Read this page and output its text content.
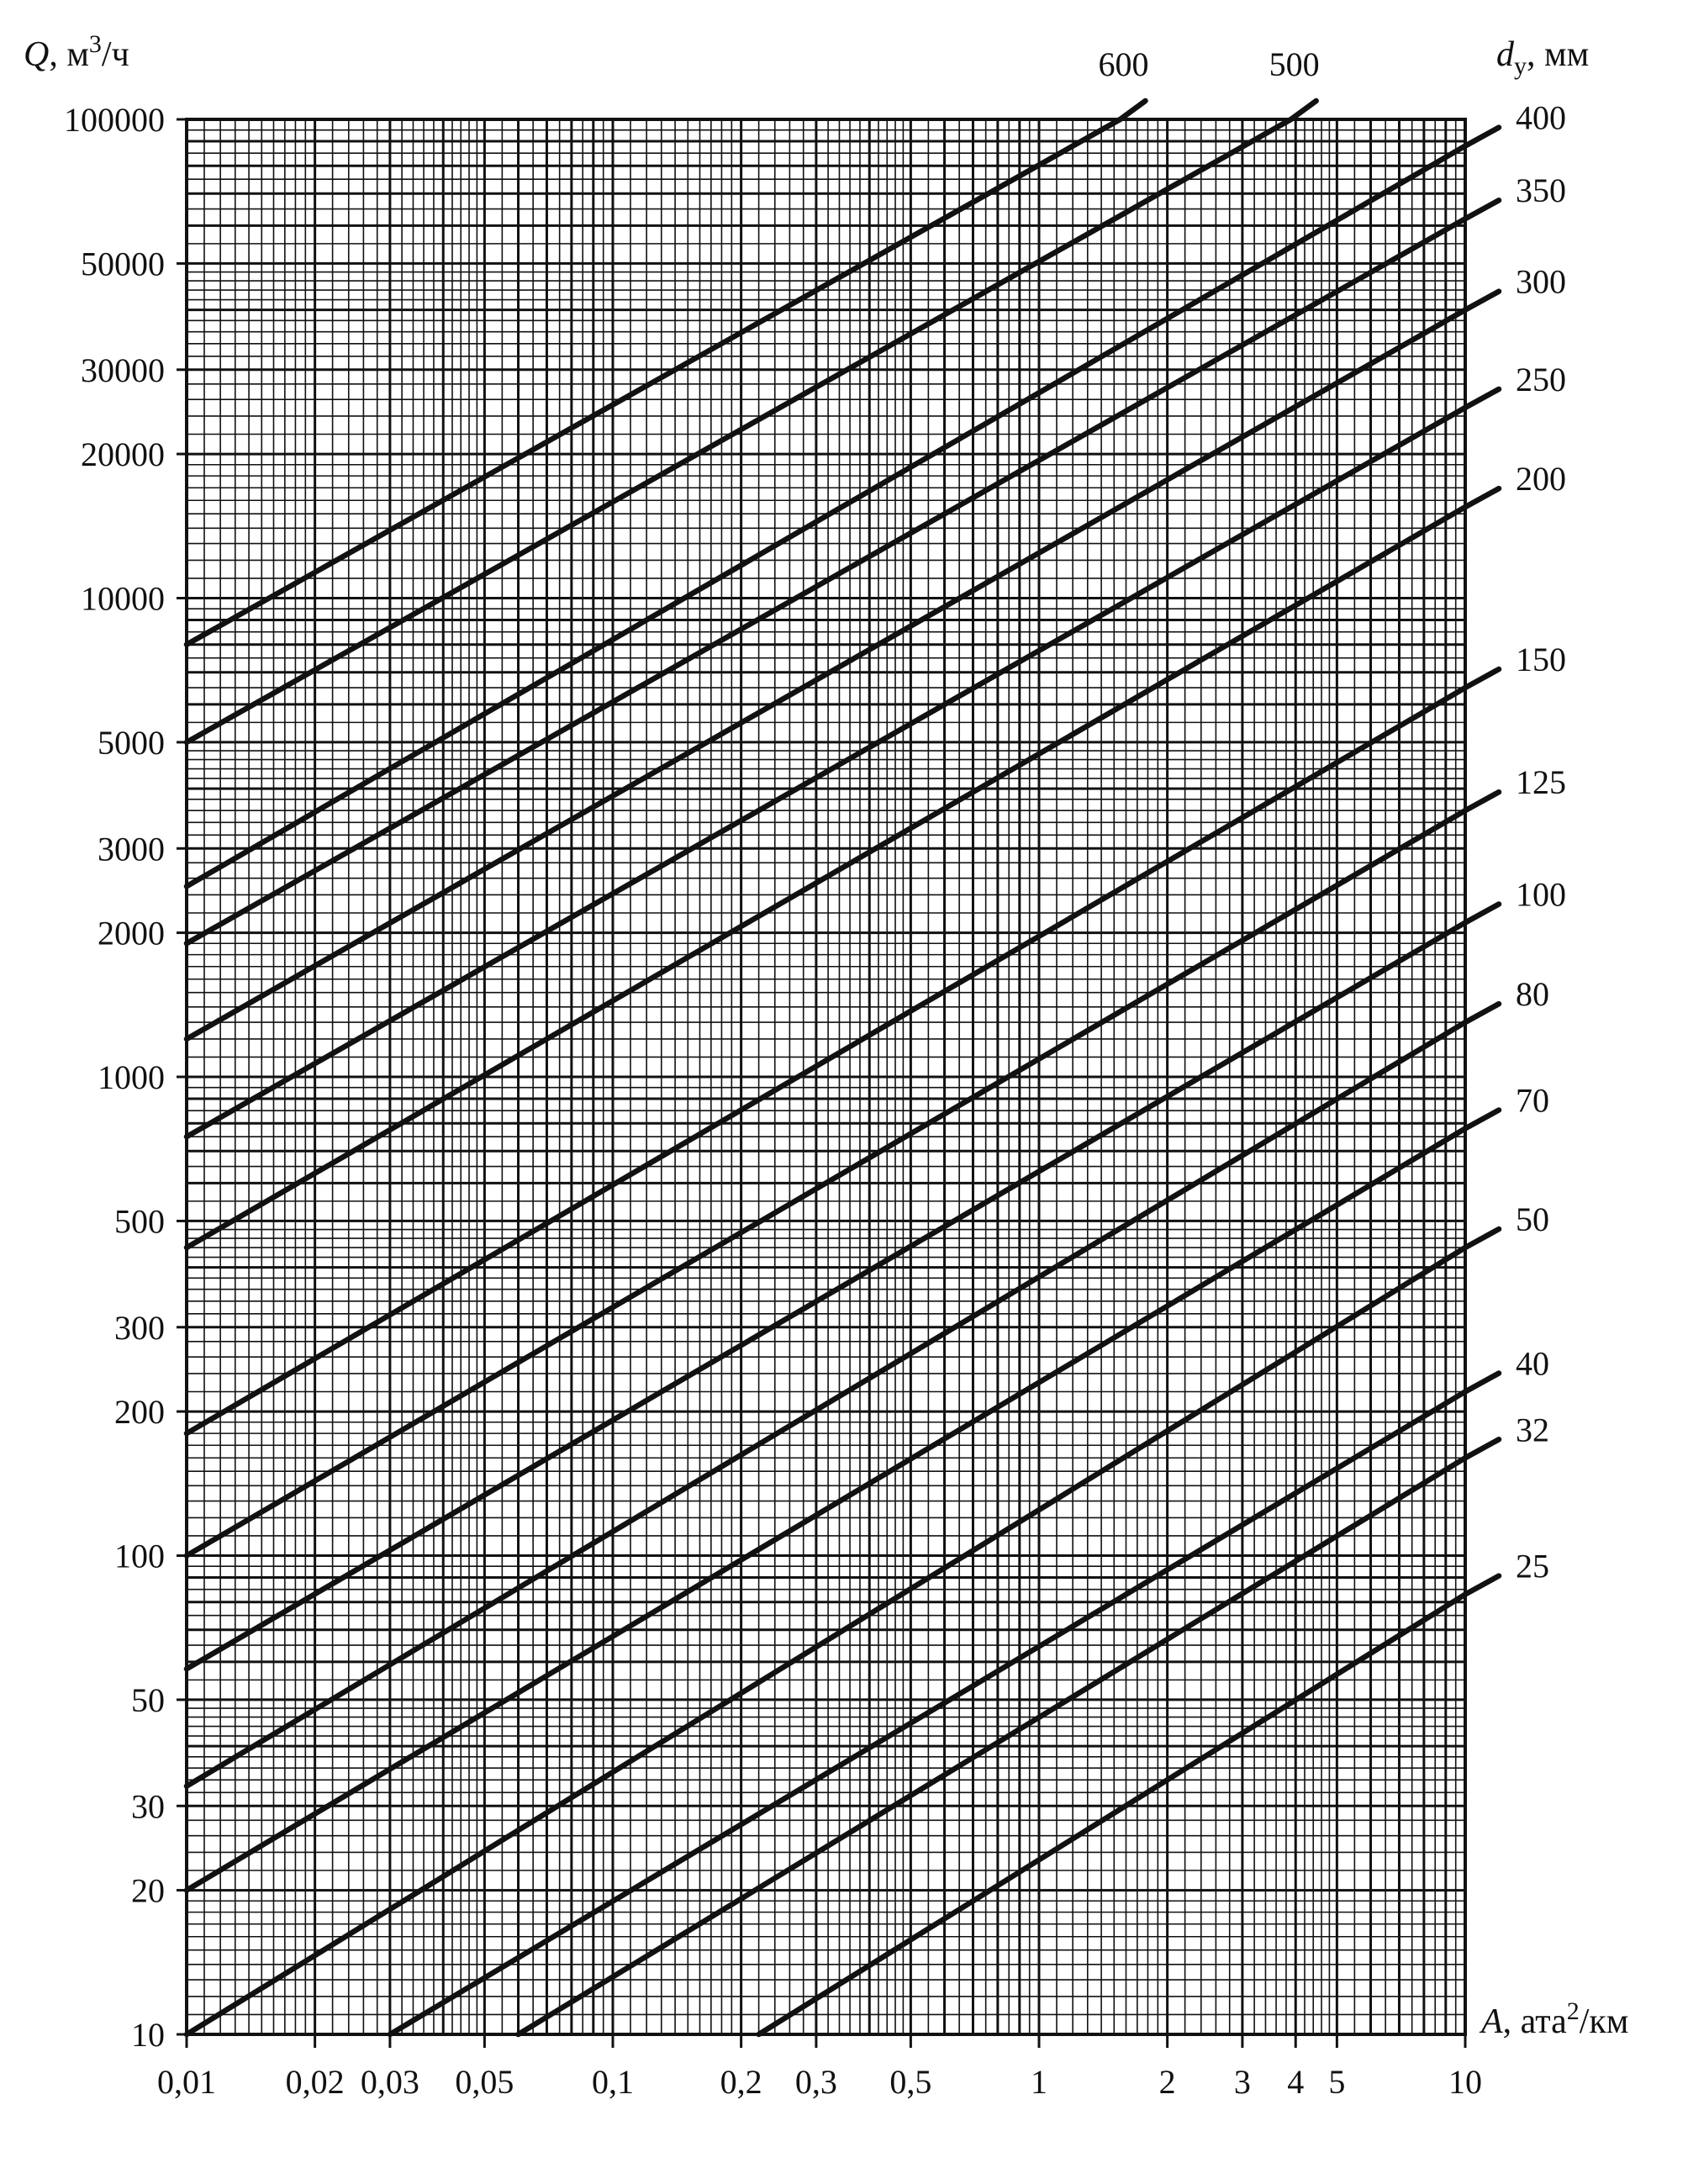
100000
50000
30000
20000
10000
5000
3000
2000
1000
500
300
200
100
50
30
20
10
0,01 0,02 0,03 0,05 0,1	0,2 0,3 0,5	1	2 3 4 5	10
600	500
400
350
300
250
200
150
125
100
80
70
50
40
32
25
Q, $м^3/ч$	$d_у$, мм
A, ата$^2$/км
